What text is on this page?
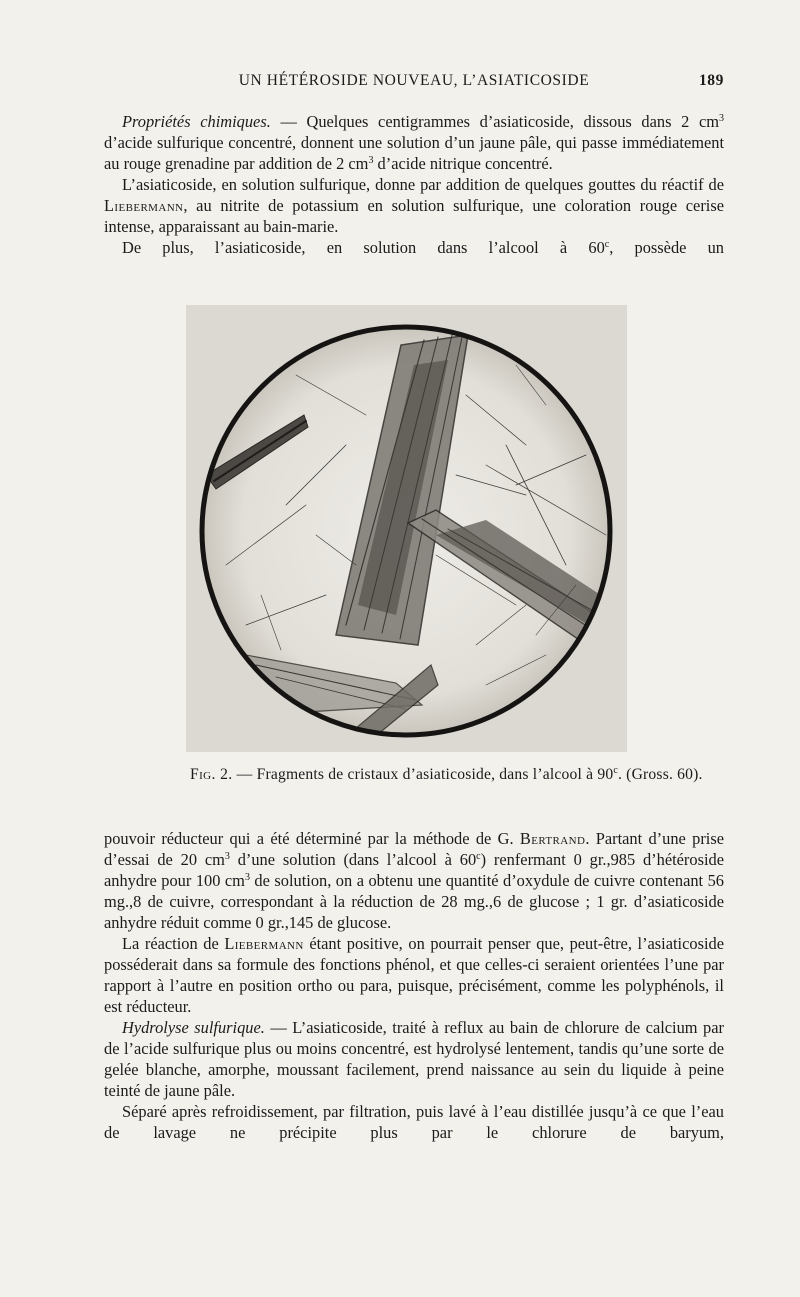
UN HÉTÉROSIDE NOUVEAU, L’ASIATICOSIDE	189

Propriétés chimiques. — Quelques centigrammes d’asiaticoside, dissous dans 2 $cm^3$ d’acide sulfurique concentré, donnent une solution d’un jaune pâle, qui passe immédiatement au rouge grenadine par addition de 2 $cm^3$ d’acide nitrique concentré.

L’asiaticoside, en solution sulfurique, donne par addition de quelques gouttes du réactif de Liebermann, au nitrite de potassium en solution sulfurique, une coloration rouge cerise intense, apparaissant au bain-marie.

De plus, l’asiaticoside, en solution dans l’alcool à 60$^c$, possède un

Fig. 2. — Fragments de cristaux d’asiaticoside, dans l’alcool à 90$^c$. (Gross. 60).

pouvoir réducteur qui a été déterminé par la méthode de G. Bertrand. Partant d’une prise d’essai de 20 $cm^3$ d’une solution (dans l’alcool à 60$^c$) renfermant 0 gr.,985 d’hétéroside anhydre pour 100 $cm^3$ de solution, on a obtenu une quantité d’oxydule de cuivre contenant 56 mg.,8 de cuivre, correspondant à la réduction de 28 mg.,6 de glucose ; 1 gr. d’asiaticoside anhydre réduit comme 0 gr.,145 de glucose.

La réaction de Liebermann étant positive, on pourrait penser que, peut-être, l’asiaticoside posséderait dans sa formule des fonctions phénol, et que celles-ci seraient orientées l’une par rapport à l’autre en position ortho ou para, puisque, précisément, comme les polyphénols, il est réducteur.

Hydrolyse sulfurique. — L’asiaticoside, traité à reflux au bain de chlorure de calcium par de l’acide sulfurique plus ou moins concentré, est hydrolysé lentement, tandis qu’une sorte de gelée blanche, amorphe, moussant facilement, prend naissance au sein du liquide à peine teinté de jaune pâle.

Séparé après refroidissement, par filtration, puis lavé à l’eau distillée jusqu’à ce que l’eau de lavage ne précipite plus par le chlorure de baryum,
